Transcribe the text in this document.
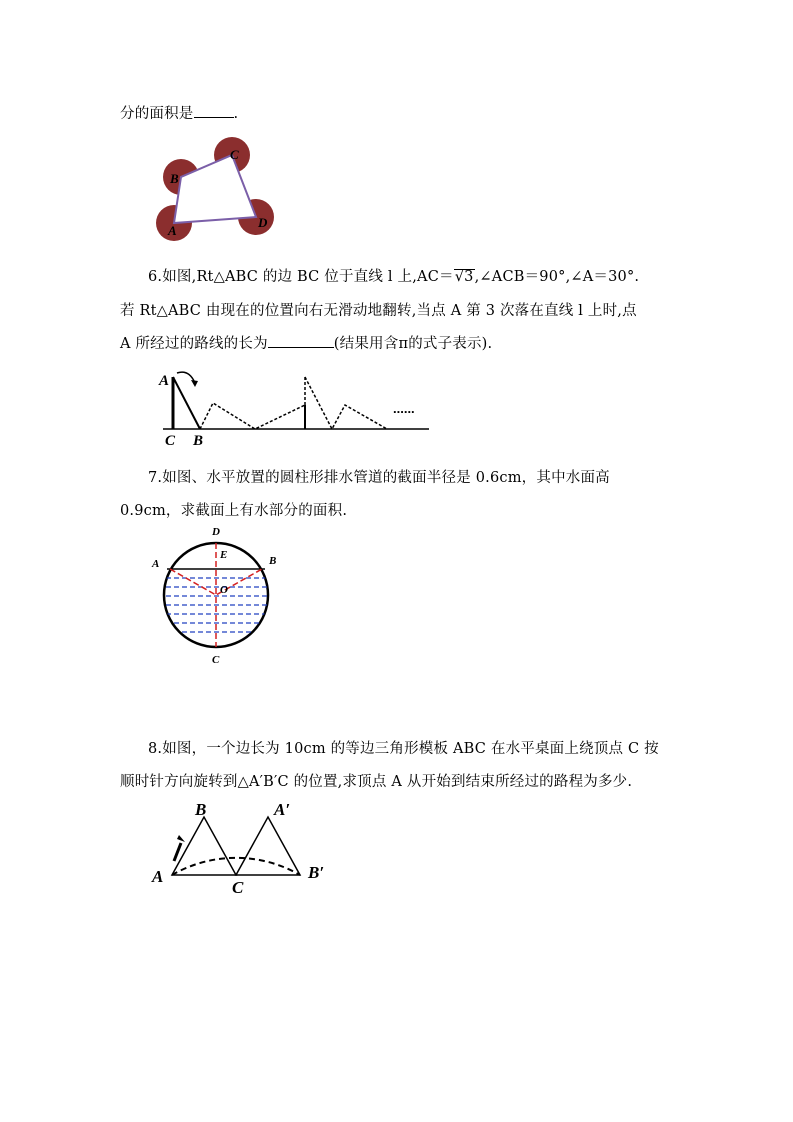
分的面积是	.
A
B
C
D
6.如图,Rt△ABC 的边 BC 位于直线 l 上,AC＝√3,∠ACB＝90°,∠A＝30°.
若 Rt△ABC 由现在的位置向右无滑动地翻转,当点 A 第 3 次落在直线 l 上时,点
A 所经过的路线的长为	(结果用含π的式子表示).
......
A
C B
7.如图、水平放置的圆柱形排水管道的截面半径是 0.6cm，其中水面高
0.9cm，求截面上有水部分的面积.
D
E
A	B
O
C
8.如图，一个边长为 10cm 的等边三角形模板 ABC 在水平桌面上绕顶点 C 按
顺时针方向旋转到△A′B′C 的位置,求顶点 A 从开始到结束所经过的路程为多少.
B	A′
A
C
B′
